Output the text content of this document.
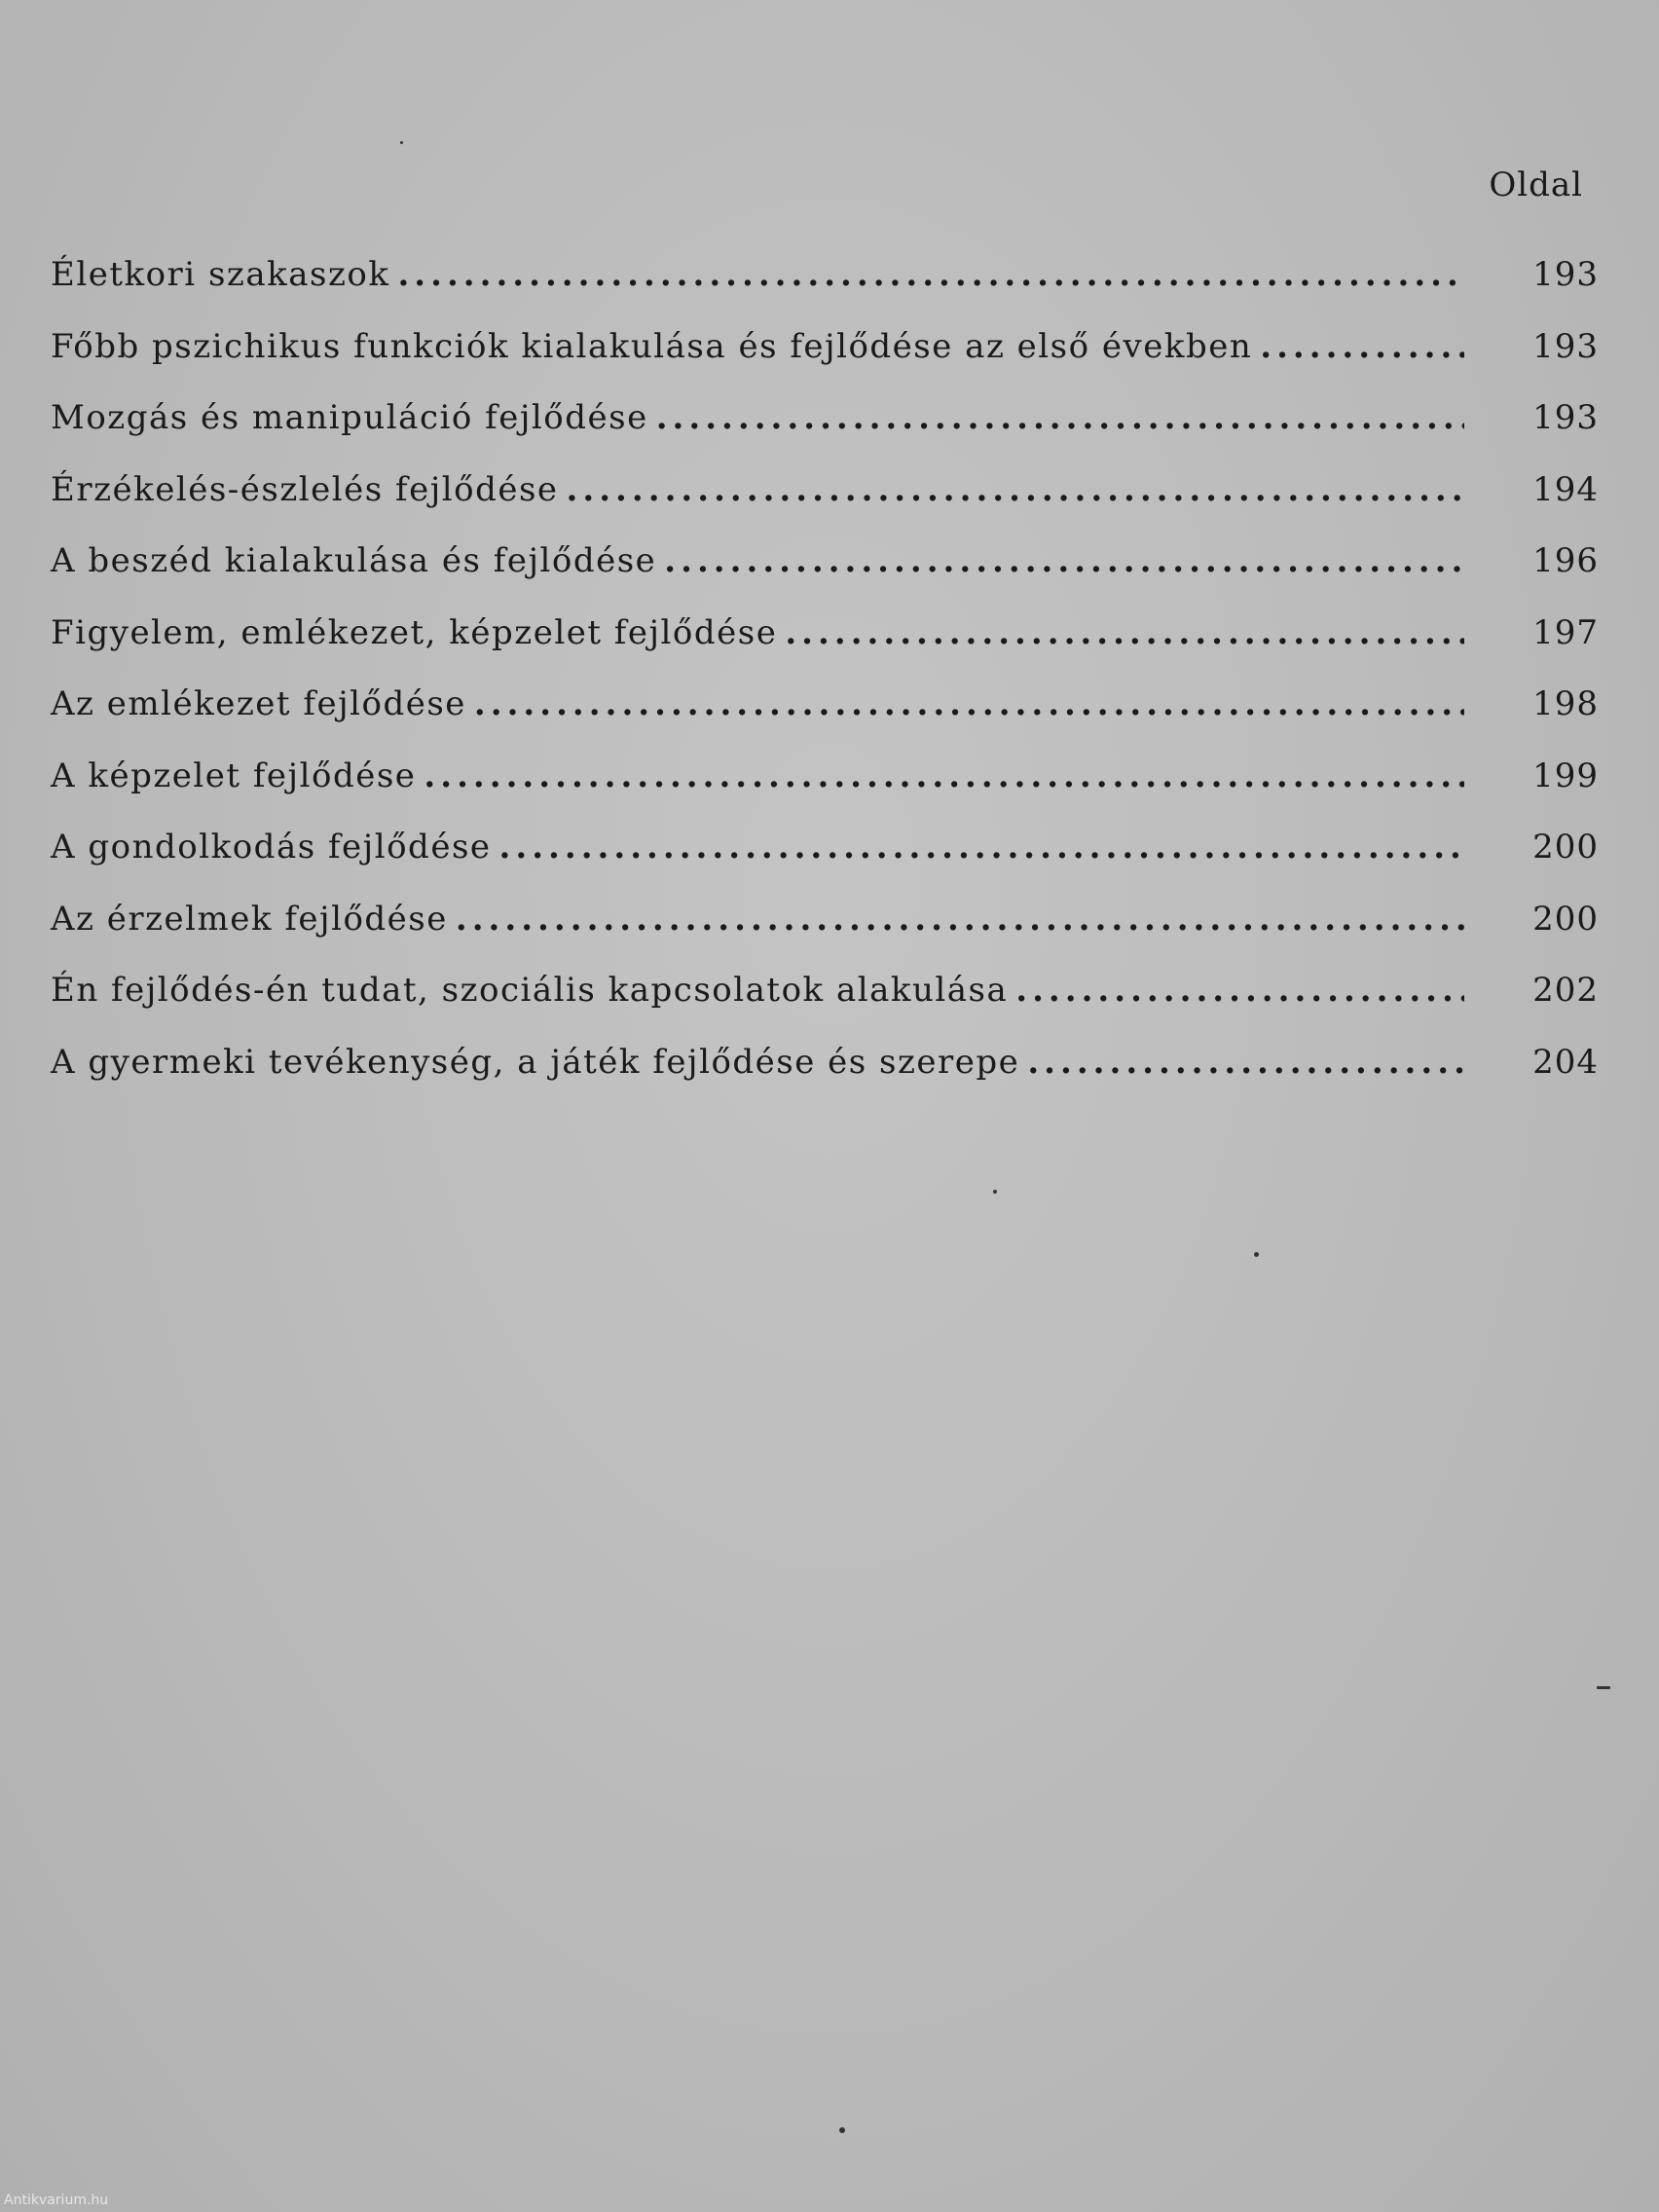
Oldal
Életkori szakaszok .....	193
Főbb pszichikus funkciók kialakulása és fejlődése az első években .....	193
Mozgás és manipuláció fejlődése .....	193
Érzékelés-észlelés fejlődése .....	194
A beszéd kialakulása és fejlődése .....	196
Figyelem, emlékezet, képzelet fejlődése .....	197
Az emlékezet fejlődése .....	198
A képzelet fejlődése .....	199
A gondolkodás fejlődése .....	200
Az érzelmek fejlődése .....	200
Én fejlődés-én tudat, szociális kapcsolatok alakulása .....	202
A gyermeki tevékenység, a játék fejlődése és szerepe .....	204
Antikvarium.hu
